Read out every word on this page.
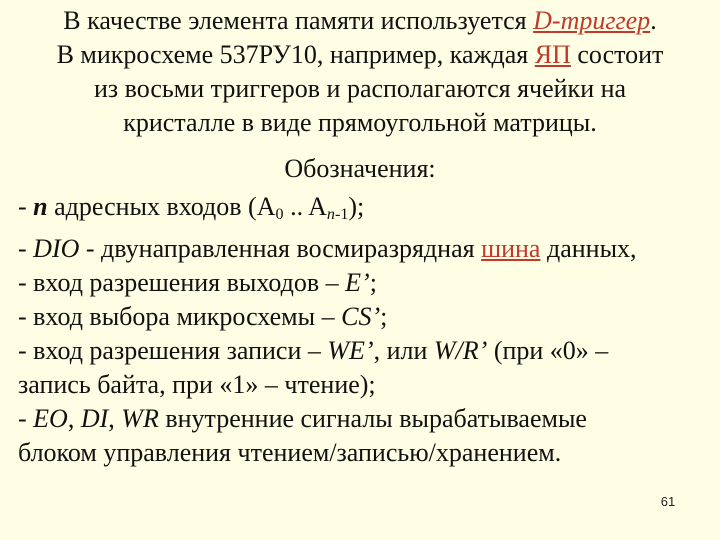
В качестве элемента памяти используется D-триггер.
В микросхеме 537РУ10, например, каждая ЯП состоит
из восьми триггеров и располагаются ячейки на
кристалле в виде прямоугольной матрицы.
Обозначения:
- n адресных входов ($A_0$ .. $A_{n-1}$);
- DIO - двунаправленная восмиразрядная шина данных,
- вход разрешения выходов – E’;
- вход выбора микросхемы – CS’;
- вход разрешения записи – WE’, или W/R’ (при «0» –
запись байта, при «1» – чтение);
- EO, DI, WR внутренние сигналы вырабатываемые
блоком управления чтением/записью/хранением.
61
